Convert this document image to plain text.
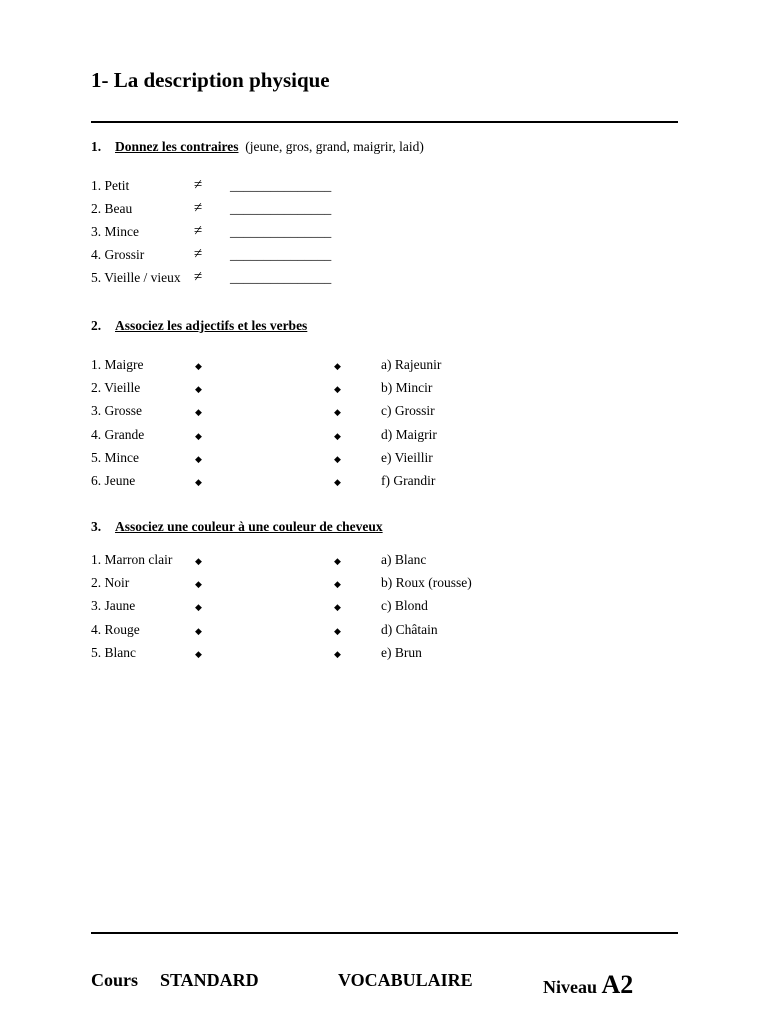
1- La description physique
1. Donnez les contraires (jeune, gros, grand, maigrir, laid)
1. Petit	≠ _______________
2. Beau	≠ _______________
3. Mince	≠ _______________
4. Grossir	≠ _______________
5. Vieille / vieux ≠ _______________
2. Associez les adjectifs et les verbes
1. Maigre	◆	◆	a) Rajeunir
2. Vieille	◆	◆	b) Mincir
3. Grosse	◆	◆	c) Grossir
4. Grande	◆	◆	d) Maigrir
5. Mince	◆	◆	e) Vieillir
6. Jeune	◆	◆	f) Grandir
3. Associez une couleur à une couleur de cheveux
1. Marron clair	◆	◆	a) Blanc
2. Noir	◆	◆	b) Roux (rousse)
3. Jaune	◆	◆	c) Blond
4. Rouge	◆	◆	d) Châtain
5. Blanc	◆	◆	e) Brun
Cours STANDARD	VOCABULAIRE	Niveau A2
